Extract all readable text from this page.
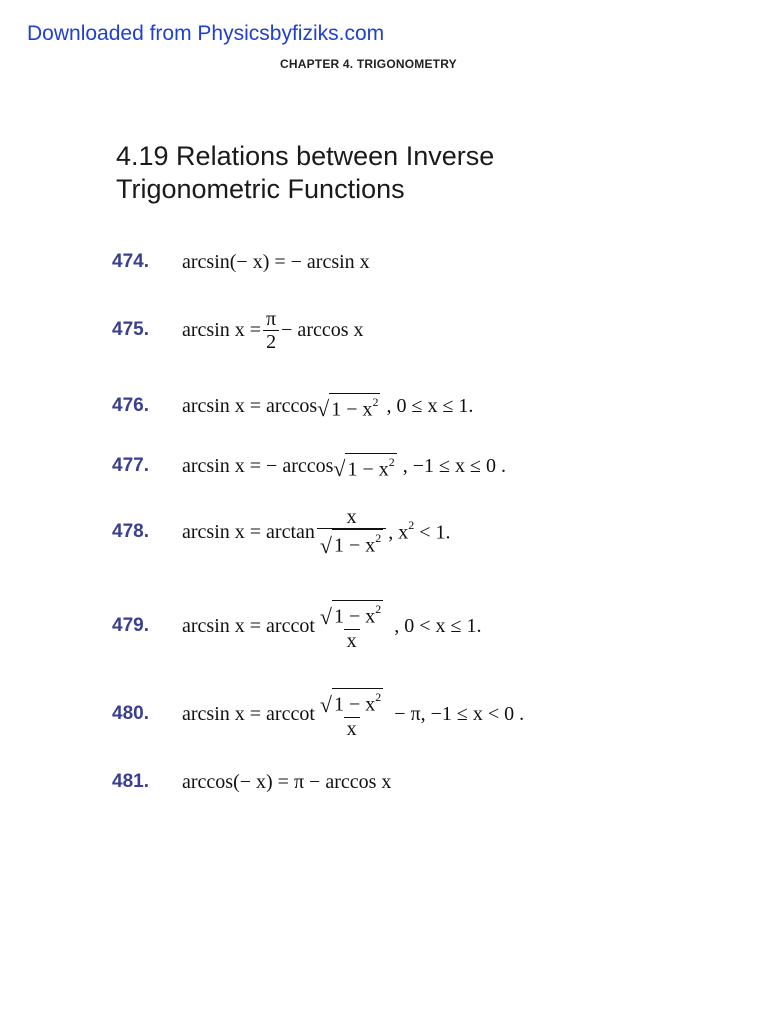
Downloaded from Physicsbyfiziks.com
CHAPTER 4. TRIGONOMETRY
4.19 Relations between Inverse
Trigonometric Functions
474.	arcsin(− x) = − arcsin x
475.	$\arcsin x = \frac{\pi}{2} - \arccos x$
476.	arcsin x = arccos √ $1 - x^2$ , 0 ≤ x ≤ 1.
477.	arcsin x = − arccos √ $1 - x^2$ , −1 ≤ x ≤ 0 .
478.	$\arcsin x = \arctan \frac{x}{√ 1 - x^2}$ , $x^2 < 1$.
479.	arcsin x = arccot $\frac{√ 1 - x^2}{x}$ , 0 < x ≤ 1.
480.	arcsin x = arccot $\frac{√ 1 - x^2}{x} - \pi$, −1 ≤ x < 0 .
481.	arccos(− x) = π − arccos x
